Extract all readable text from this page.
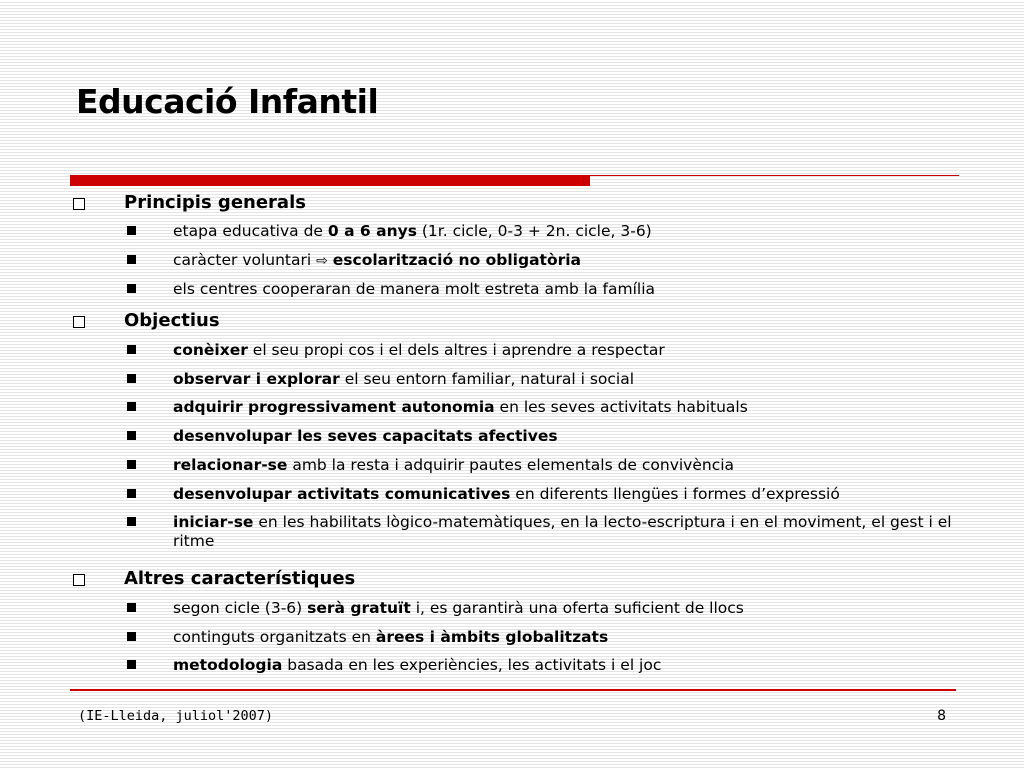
Educació Infantil
Principis generals
etapa educativa de 0 a 6 anys (1r. cicle, 0-3 + 2n. cicle, 3-6)
caràcter voluntari ⇨ escolarització no obligatòria
els centres cooperaran de manera molt estreta amb la família
Objectius
conèixer el seu propi cos i el dels altres i aprendre a respectar
observar i explorar el seu entorn familiar, natural i social
adquirir progressivament autonomia en les seves activitats habituals
desenvolupar les seves capacitats afectives
relacionar-se amb la resta i adquirir pautes elementals de convivència
desenvolupar activitats comunicatives en diferents llengües i formes d’expressió
iniciar-se en les habilitats lògico-matemàtiques, en la lecto-escriptura i en el moviment, el gest i el ritme
Altres característiques
segon cicle (3-6) serà gratuït i, es garantirà una oferta suficient de llocs
continguts organitzats en àrees i àmbits globalitzats
metodologia basada en les experiències, les activitats i el joc
(IE-Lleida, juliol'2007)	8
